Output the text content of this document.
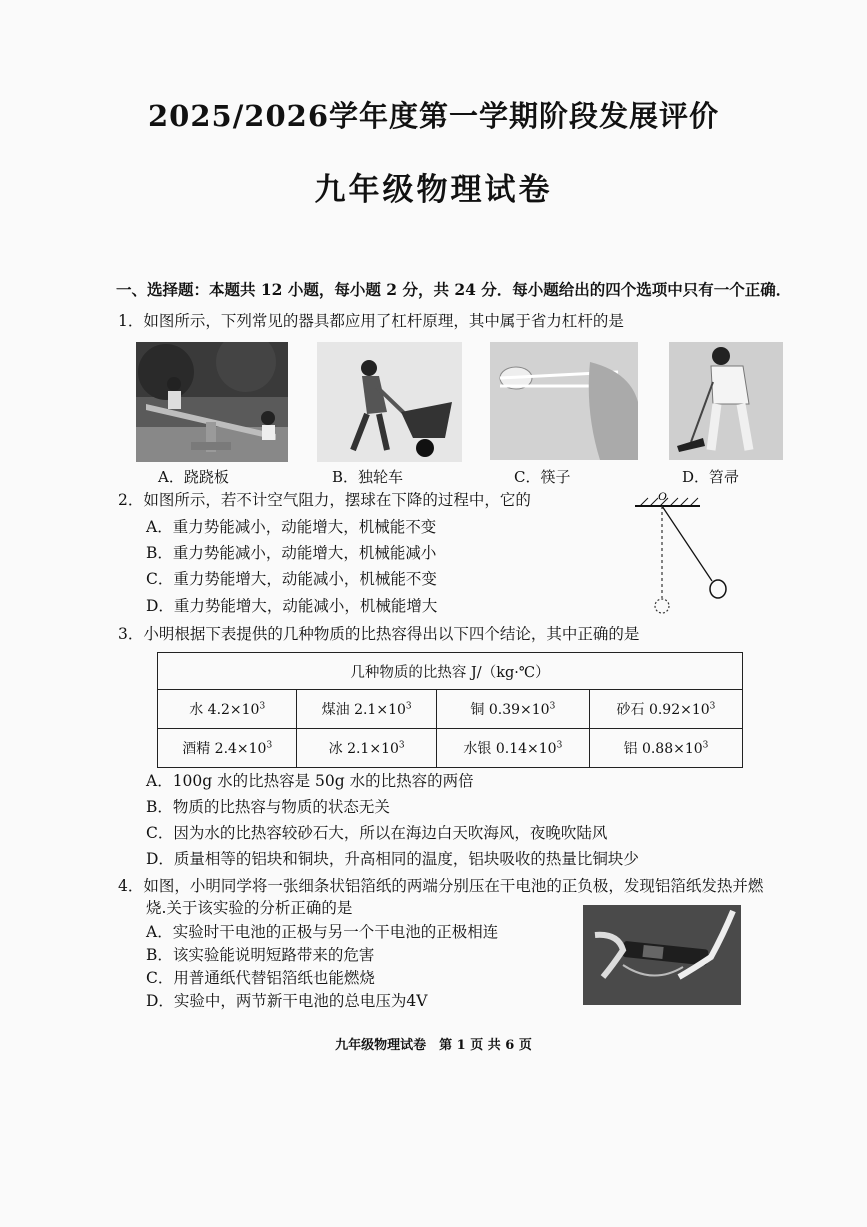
2025/2026学年度第一学期阶段发展评价
九年级物理试卷
一、选择题：本题共 12 小题，每小题 2 分，共 24 分．每小题给出的四个选项中只有一个正确．
1．如图所示，下列常见的器具都应用了杠杆原理，其中属于省力杠杆的是
A．跷跷板	B．独轮车	C．筷子	D．笤帚
2．如图所示，若不计空气阻力，摆球在下降的过程中，它的
A．重力势能减小，动能增大，机械能不变
B．重力势能减小，动能增大，机械能减小
C．重力势能增大，动能减小，机械能不变
D．重力势能增大，动能减小，机械能增大
O
3．小明根据下表提供的几种物质的比热容得出以下四个结论，其中正确的是
几种物质的比热容 J/（kg·℃）			
水 $4.2\times 10^3$	煤油 $2.1\times 10^3$	铜 $0.39\times 10^3$	砂石 $0.92\times 10^3$
酒精 $2.4\times 10^3$	冰 $2.1\times 10^3$	水银 $0.14\times 10^3$	铝 $0.88\times 10^3$
A．100g 水的比热容是 50g 水的比热容的两倍
B．物质的比热容与物质的状态无关
C．因为水的比热容较砂石大，所以在海边白天吹海风，夜晚吹陆风
D．质量相等的铝块和铜块，升高相同的温度，铝块吸收的热量比铜块少
4．如图，小明同学将一张细条状铝箔纸的两端分别压在干电池的正负极，发现铝箔纸发热并燃
烧.关于该实验的分析正确的是
A．实验时干电池的正极与另一个干电池的正极相连
B．该实验能说明短路带来的危害
C．用普通纸代替铝箔纸也能燃烧
D．实验中，两节新干电池的总电压为4V
九年级物理试卷　第 1 页 共 6 页
